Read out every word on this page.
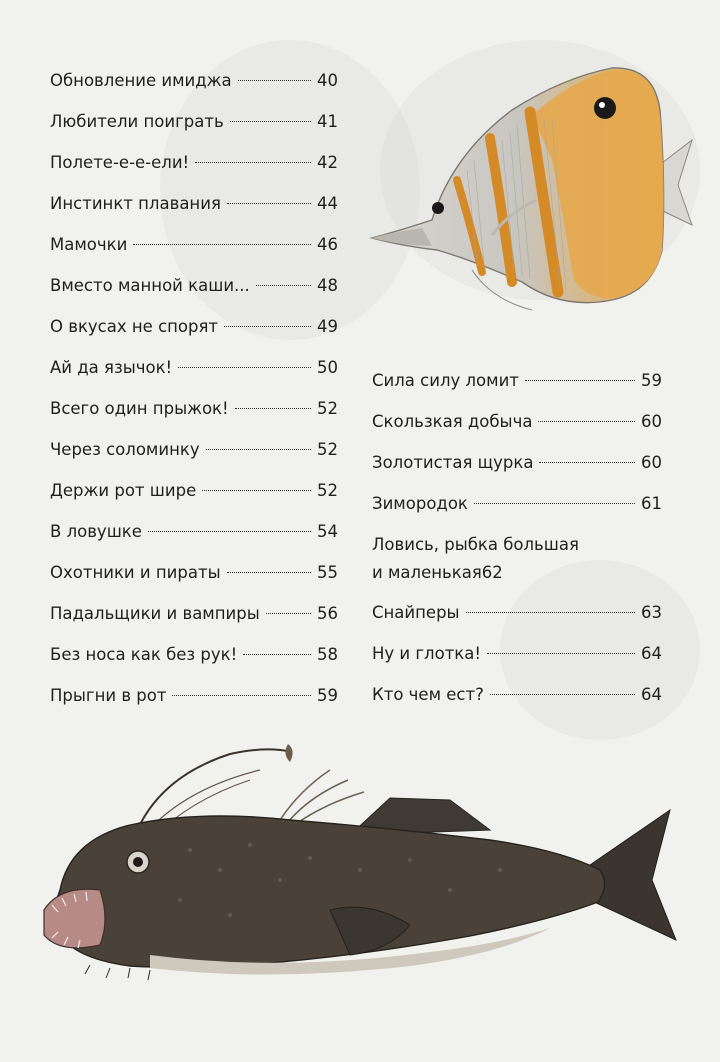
Обновление имиджа	40
Любители поиграть	41
Полете-е-е-ели!	42
Инстинкт плавания	44
Мамочки	46
Вместо манной каши...	48
О вкусах не спорят	49
Ай да язычок!	50
Всего один прыжок!	52
Через соломинку	52
Держи рот шире	52
В ловушке	54
Охотники и пираты	55
Падальщики и вампиры	56
Без носа как без рук!	58
Прыгни в рот	59
Сила силу ломит	59
Скользкая добыча	60
Золотистая щурка	60
Зимородок	61
Ловись, рыбка большая
и маленькая 62
Снайперы	63
Ну и глотка!	64
Кто чем ест?	64
